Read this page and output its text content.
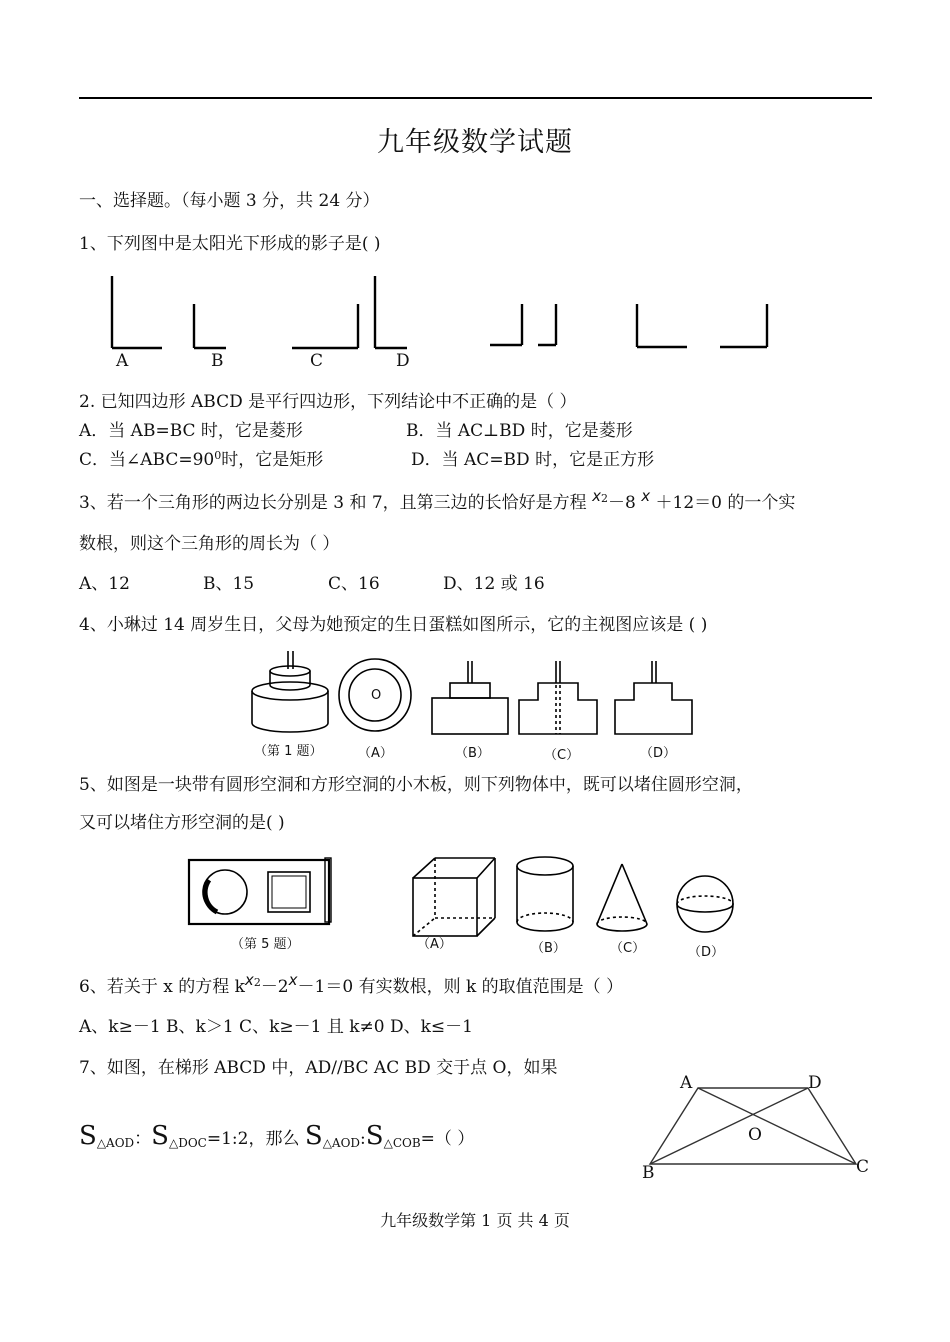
九年级数学试题
一、选择题。（每小题 3 分，共 24 分）
1、下列图中是太阳光下形成的影子是( )
A	B	C	D
2. 已知四边形 ABCD 是平行四边形，下列结论中不正确的是（ ）
A．当 AB=BC 时，它是菱形	B．当 AC⊥BD 时，它是菱形
C．当$\angle ABC=90^0$时，它是矩形	D．当 AC=BD 时，它是正方形
3、若一个三角形的两边长分别是 3 和 7，且第三边的长恰好是方程 $x^2-8$ x ＋12＝0 的一个实
数根，则这个三角形的周长为（ ）
A、12	B、15	C、16	D、12 或 16
4、小琳过 14 周岁生日，父母为她预定的生日蛋糕如图所示，它的主视图应该是 ( )
O
（第 1 题）	（A）	（B）	（C）	（D）
5、如图是一块带有圆形空洞和方形空洞的小木板，则下列物体中，既可以堵住圆形空洞，
又可以堵住方形空洞的是( )
（第 5 题）	（A）	（B）	（C）	（D）
6、若关于 x 的方程 $kx^2-2x-1=0$ 有实数根，则 k 的取值范围是（ ）
A、k≥－1 B、k＞1 C、k≥－1 且 k≠0 D、k≤－1
7、如图，在梯形 ABCD 中，AD//BC AC BD 交于点 O，如果
$S_{\triangle AOD}$：$S_{\triangle DOC}=1:2$，那么 $S_{\triangle AOD}:S_{\triangle COB}=$（ ）
A	D
O
B	C
九年级数学第 1 页 共 4 页
